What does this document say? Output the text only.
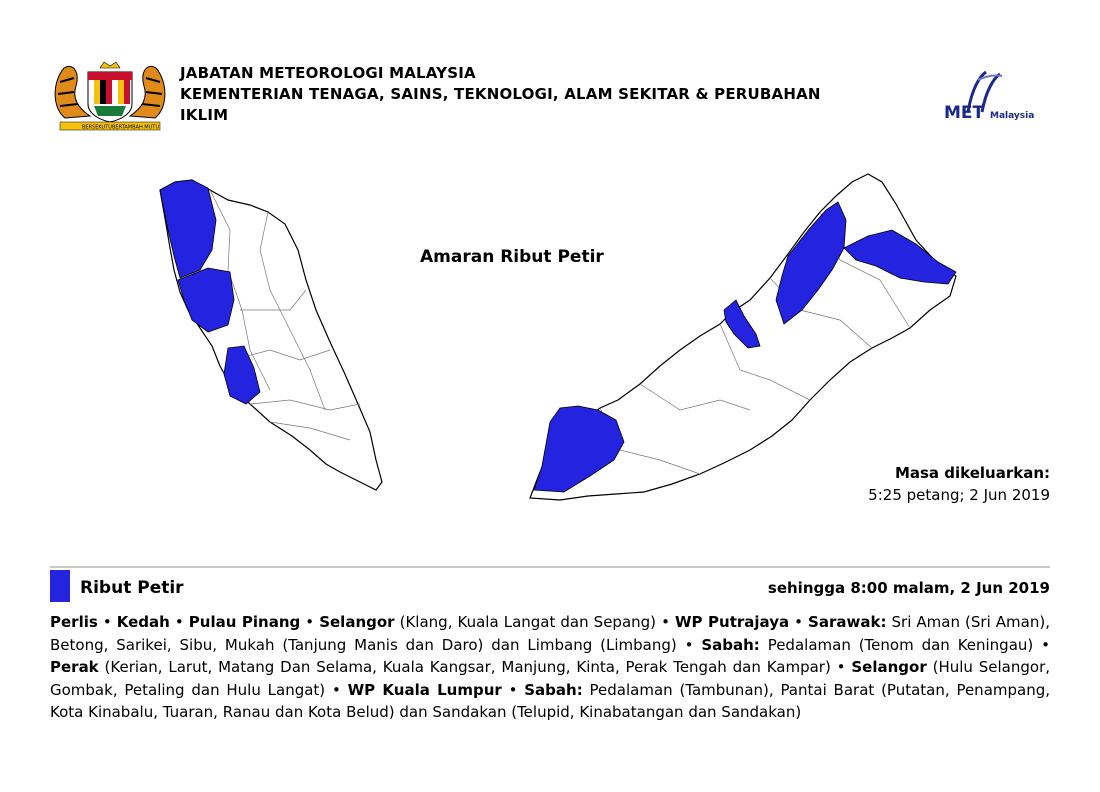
BERSEKUTU BERTAMBAH MUTU
JABATAN METEOROLOGI MALAYSIA
KEMENTERIAN TENAGA, SAINS, TEKNOLOGI, ALAM SEKITAR & PERUBAHAN
IKLIM	MET Malaysia
Amaran Ribut Petir
Masa dikeluarkan:
5:25 petang; 2 Jun 2019
Ribut Petir	sehingga 8:00 malam, 2 Jun 2019
Perlis • Kedah • Pulau Pinang • Selangor (Klang, Kuala Langat dan Sepang) • WP Putrajaya • Sarawak: Sri Aman (Sri Aman), Betong, Sarikei, Sibu, Mukah (Tanjung Manis dan Daro) dan Limbang (Limbang) • Sabah: Pedalaman (Tenom dan Keningau) • Perak (Kerian, Larut, Matang Dan Selama, Kuala Kangsar, Manjung, Kinta, Perak Tengah dan Kampar) • Selangor (Hulu Selangor, Gombak, Petaling dan Hulu Langat) • WP Kuala Lumpur • Sabah: Pedalaman (Tambunan), Pantai Barat (Putatan, Penampang, Kota Kinabalu, Tuaran, Ranau dan Kota Belud) dan Sandakan (Telupid, Kinabatangan dan Sandakan)
